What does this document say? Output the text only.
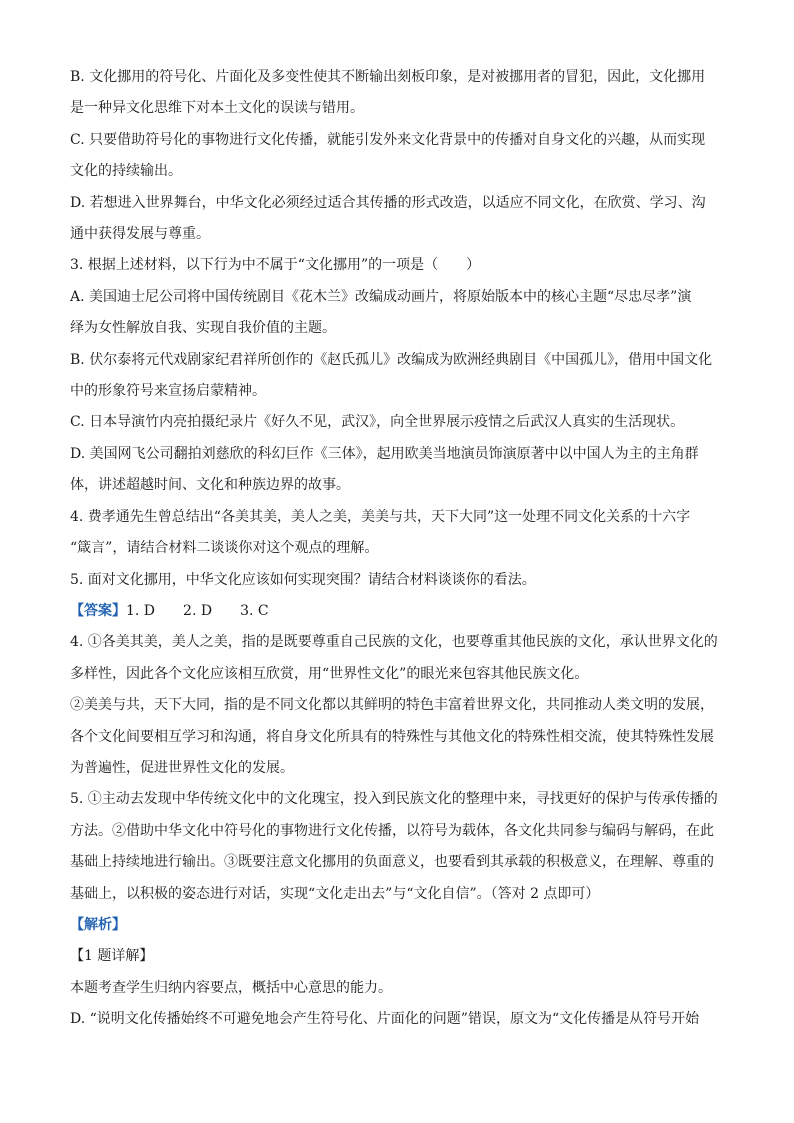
B. 文化挪用的符号化、片面化及多变性使其不断输出刻板印象，是对被挪用者的冒犯，因此，文化挪用
是一种异文化思维下对本土文化的误读与错用。
C. 只要借助符号化的事物进行文化传播，就能引发外来文化背景中的传播对自身文化的兴趣，从而实现
文化的持续输出。
D. 若想进入世界舞台，中华文化必须经过适合其传播的形式改造，以适应不同文化，在欣赏、学习、沟
通中获得发展与尊重。
3. 根据上述材料，以下行为中不属于“文化挪用”的一项是（　　）
A. 美国迪士尼公司将中国传统剧目《花木兰》改编成动画片，将原始版本中的核心主题“尽忠尽孝”演
绎为女性解放自我、实现自我价值的主题。
B. 伏尔泰将元代戏剧家纪君祥所创作的《赵氏孤儿》改编成为欧洲经典剧目《中国孤儿》，借用中国文化
中的形象符号来宣扬启蒙精神。
C. 日本导演竹内亮拍摄纪录片《好久不见，武汉》，向全世界展示疫情之后武汉人真实的生活现状。
D. 美国网飞公司翻拍刘慈欣的科幻巨作《三体》，起用欧美当地演员饰演原著中以中国人为主的主角群
体，讲述超越时间、文化和种族边界的故事。
4. 费孝通先生曾总结出“各美其美，美人之美，美美与共，天下大同”这一处理不同文化关系的十六字
“箴言”，请结合材料二谈谈你对这个观点的理解。
5. 面对文化挪用，中华文化应该如何实现突围？请结合材料谈谈你的看法。
【答案】1. D　　2. D　　3. C
4. ①各美其美，美人之美，指的是既要尊重自己民族的文化，也要尊重其他民族的文化，承认世界文化的
多样性，因此各个文化应该相互欣赏，用“世界性文化”的眼光来包容其他民族文化。
②美美与共，天下大同，指的是不同文化都以其鲜明的特色丰富着世界文化，共同推动人类文明的发展，
各个文化间要相互学习和沟通，将自身文化所具有的特殊性与其他文化的特殊性相交流，使其特殊性发展
为普遍性，促进世界性文化的发展。
5. ①主动去发现中华传统文化中的文化瑰宝，投入到民族文化的整理中来，寻找更好的保护与传承传播的
方法。②借助中华文化中符号化的事物进行文化传播，以符号为载体，各文化共同参与编码与解码，在此
基础上持续地进行输出。③既要注意文化挪用的负面意义，也要看到其承载的积极意义，在理解、尊重的
基础上，以积极的姿态进行对话，实现“文化走出去”与“文化自信”。（答对 2 点即可）
【解析】
【1 题详解】
本题考查学生归纳内容要点，概括中心意思的能力。
D. “说明文化传播始终不可避免地会产生符号化、片面化的问题”错误，原文为“文化传播是从符号开始
